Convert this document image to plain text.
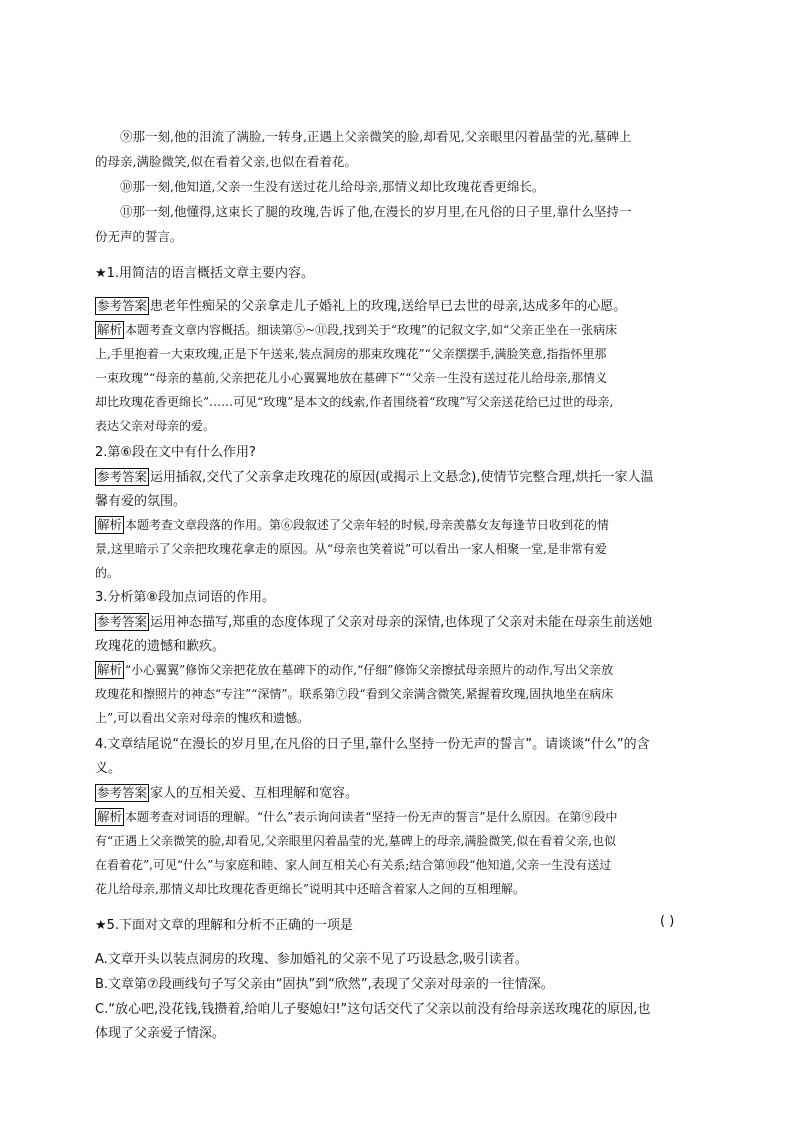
⑨那一刻,他的泪流了满脸,一转身,正遇上父亲微笑的脸,却看见,父亲眼里闪着晶莹的光,墓碑上
的母亲,满脸微笑,似在看着父亲,也似在看着花。
⑩那一刻,他知道,父亲一生没有送过花儿给母亲,那情义却比玫瑰花香更绵长。
⑪那一刻,他懂得,这束长了腿的玫瑰,告诉了他,在漫长的岁月里,在凡俗的日子里,靠什么坚持一
份无声的誓言。
★1.用简洁的语言概括文章主要内容。
参考答案 患老年性痴呆的父亲拿走儿子婚礼上的玫瑰,送给早已去世的母亲,达成多年的心愿。
解析 本题考查文章内容概括。细读第⑤~⑪段,找到关于“玫瑰”的记叙文字,如“父亲正坐在一张病床
上,手里抱着一大束玫瑰,正是下午送来,装点洞房的那束玫瑰花”“父亲摆摆手,满脸笑意,指指怀里那
一束玫瑰”“母亲的墓前,父亲把花儿小心翼翼地放在墓碑下”“父亲一生没有送过花儿给母亲,那情义
却比玫瑰花香更绵长”……可见“玫瑰”是本文的线索,作者围绕着“玫瑰”写父亲送花给已过世的母亲,
表达父亲对母亲的爱。
2.第⑥段在文中有什么作用?
参考答案 运用插叙,交代了父亲拿走玫瑰花的原因(或揭示上文悬念),使情节完整合理,烘托一家人温
馨有爱的氛围。
解析 本题考查文章段落的作用。第⑥段叙述了父亲年轻的时候,母亲羡慕女友每逢节日收到花的情
景,这里暗示了父亲把玫瑰花拿走的原因。从“母亲也笑着说”可以看出一家人相聚一堂,是非常有爱
的。
3.分析第⑧段加点词语的作用。
参考答案 运用神态描写,郑重的态度体现了父亲对母亲的深情,也体现了父亲对未能在母亲生前送她
玫瑰花的遗憾和歉疚。
解析 “小心翼翼”修饰父亲把花放在墓碑下的动作,“仔细”修饰父亲擦拭母亲照片的动作,写出父亲放
玫瑰花和擦照片的神态“专注”“深情”。联系第⑦段“看到父亲满含微笑,紧握着玫瑰,固执地坐在病床
上”,可以看出父亲对母亲的愧疚和遗憾。
4.文章结尾说“在漫长的岁月里,在凡俗的日子里,靠什么坚持一份无声的誓言”。请谈谈“什么”的含
义。
参考答案 家人的互相关爱、互相理解和宽容。
解析 本题考查对词语的理解。“什么”表示询问读者“坚持一份无声的誓言”是什么原因。在第⑨段中
有“正遇上父亲微笑的脸,却看见,父亲眼里闪着晶莹的光,墓碑上的母亲,满脸微笑,似在看着父亲,也似
在看着花”,可见“什么”与家庭和睦、家人间互相关心有关系;结合第⑩段“他知道,父亲一生没有送过
花儿给母亲,那情义却比玫瑰花香更绵长”说明其中还暗含着家人之间的互相理解。
★5.下面对文章的理解和分析不正确的一项是	( )
A.文章开头以装点洞房的玫瑰、参加婚礼的父亲不见了巧设悬念,吸引读者。
B.文章第⑦段画线句子写父亲由“固执”到“欣然”,表现了父亲对母亲的一往情深。
C.“放心吧,没花钱,钱攒着,给咱儿子娶媳妇!”这句话交代了父亲以前没有给母亲送玫瑰花的原因,也
体现了父亲爱子情深。
